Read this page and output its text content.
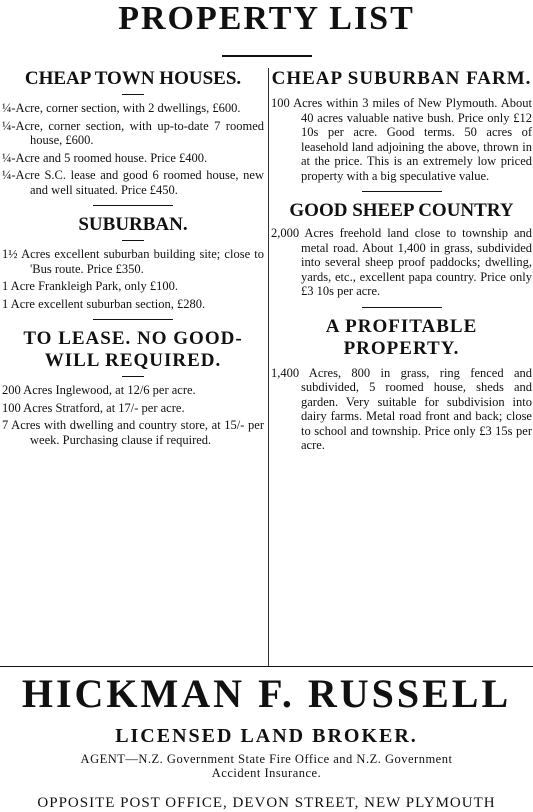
PROPERTY LIST
CHEAP TOWN HOUSES.

¼-Acre, corner section, with 2 dwellings, £600.

¼-Acre, corner section, with up-to-date 7 roomed house, £600.

¼-Acre and 5 roomed house. Price £400.

¼-Acre S.C. lease and good 6 roomed house, new and well situated. Price £450.

SUBURBAN.

1½ Acres excellent suburban building site; close to 'Bus route. Price £350.

1 Acre Frankleigh Park, only £100.

1 Acre excellent suburban section, £280.

TO LEASE. NO GOOD-WILL REQUIRED.

200 Acres Inglewood, at 12/6 per acre.

100 Acres Stratford, at 17/- per acre.

7 Acres with dwelling and country store, at 15/- per week. Purchasing clause if required.

CHEAP SUBURBAN FARM.

100 Acres within 3 miles of New Plymouth. About 40 acres valuable native bush. Price only £12 10s per acre. Good terms. 50 acres of leasehold land adjoining the above, thrown in at the price. This is an extremely low priced property with a big speculative value.

GOOD SHEEP COUNTRY

2,000 Acres freehold land close to township and metal road. About 1,400 in grass, subdivided into several sheep proof paddocks; dwelling, yards, etc., excellent papa country. Price only £3 10s per acre.

A PROFITABLE PROPERTY.

1,400 Acres, 800 in grass, ring fenced and subdivided, 5 roomed house, sheds and garden. Very suitable for subdivision into dairy farms. Metal road front and back; close to school and township. Price only £3 15s per acre.

HICKMAN F. RUSSELL
LICENSED LAND BROKER.
AGENT—N.Z. Government State Fire Office and N.Z. Government
Accident Insurance.
OPPOSITE POST OFFICE, DEVON STREET, NEW PLYMOUTH
